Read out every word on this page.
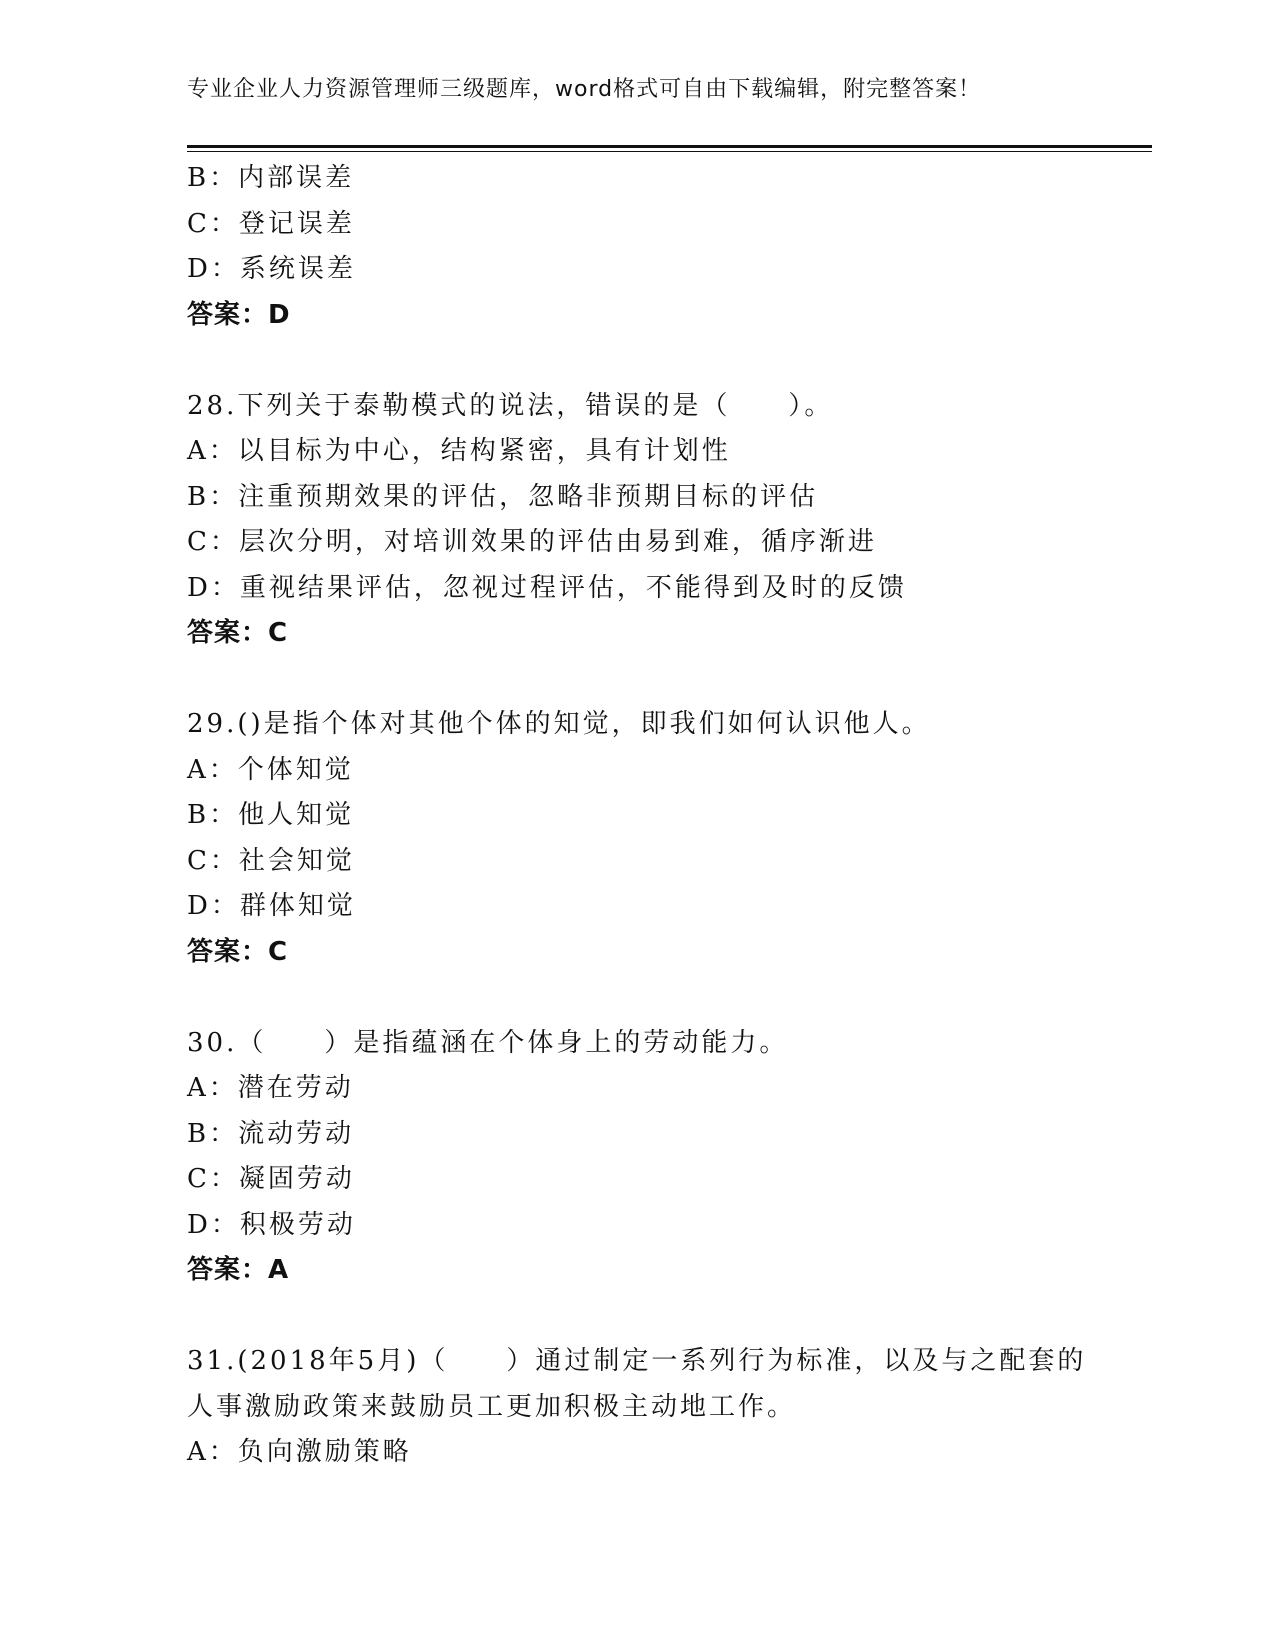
专业企业人力资源管理师三级题库，word格式可自由下载编辑，附完整答案！
B：内部误差
C：登记误差
D：系统误差
答案：D
28.下列关于泰勒模式的说法，错误的是（　　）。
A：以目标为中心，结构紧密，具有计划性
B：注重预期效果的评估，忽略非预期目标的评估
C：层次分明，对培训效果的评估由易到难，循序渐进
D：重视结果评估，忽视过程评估，不能得到及时的反馈
答案：C
29.()是指个体对其他个体的知觉，即我们如何认识他人。
A：个体知觉
B：他人知觉
C：社会知觉
D：群体知觉
答案：C
30.（　　）是指蕴涵在个体身上的劳动能力。
A：潜在劳动
B：流动劳动
C：凝固劳动
D：积极劳动
答案：A
31.(2018年5月)（　　）通过制定一系列行为标准，以及与之配套的
人事激励政策来鼓励员工更加积极主动地工作。
A：负向激励策略
